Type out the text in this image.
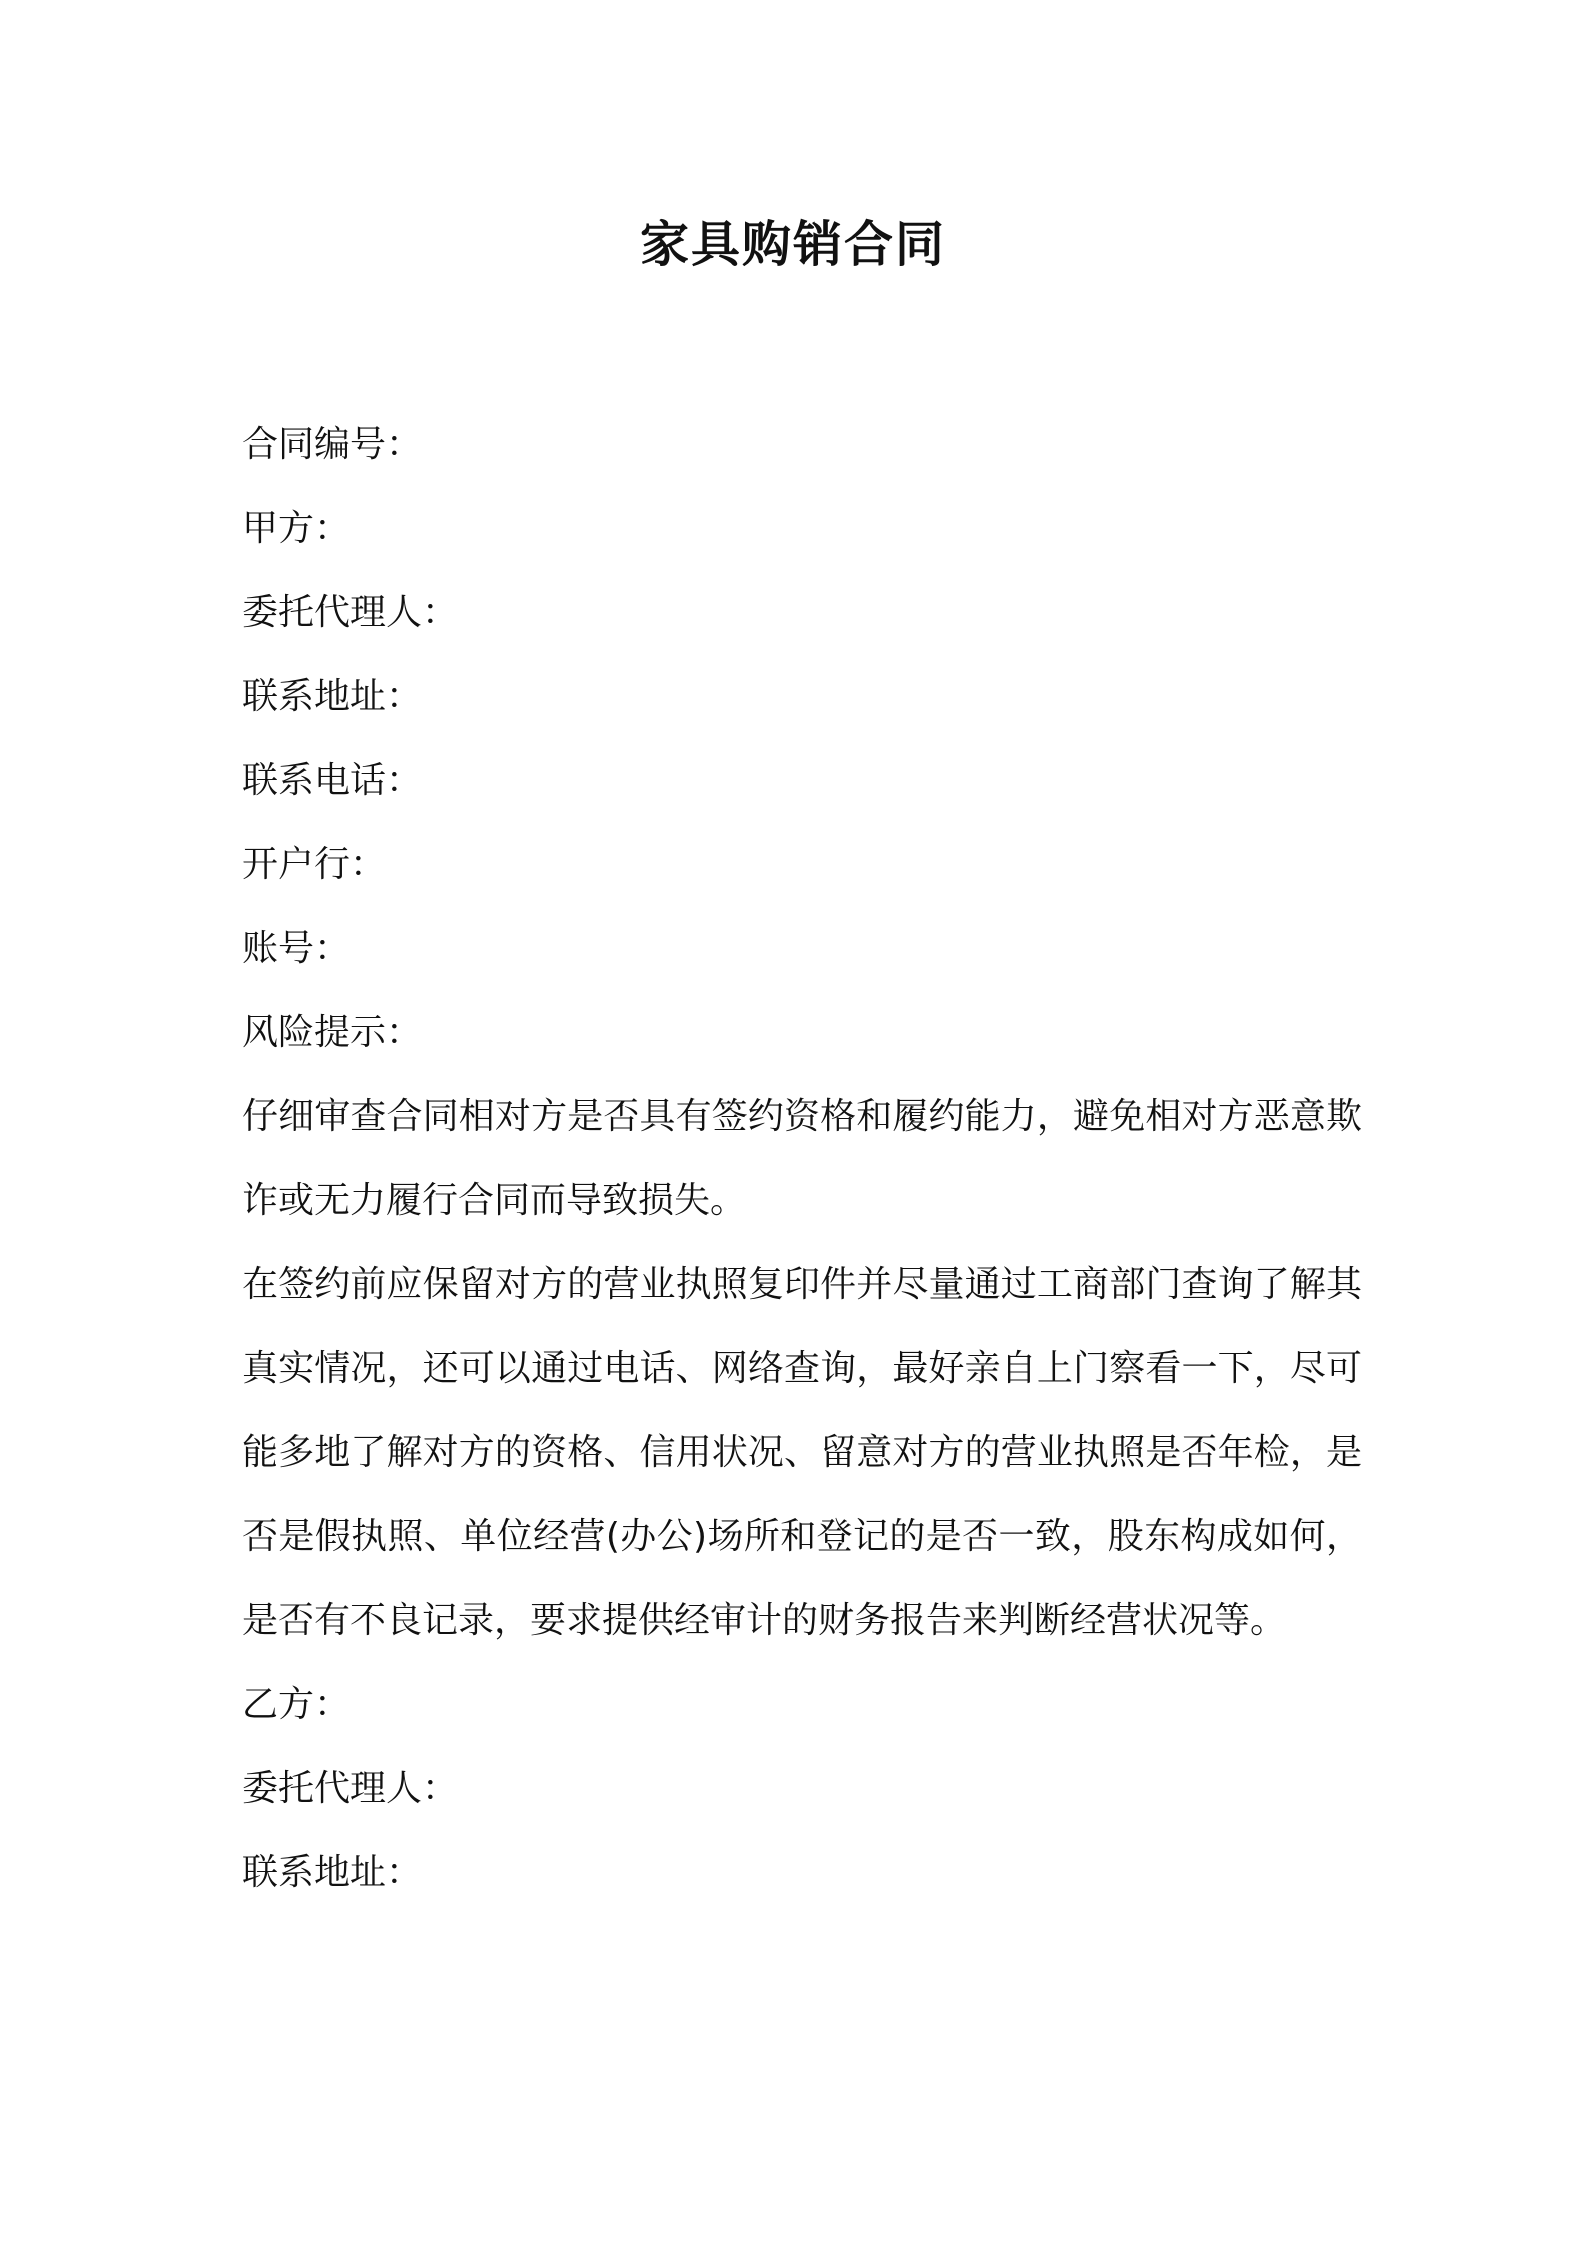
家具购销合同
合同编号：
甲方：
委托代理人：
联系地址：
联系电话：
开户行：
账号：
风险提示：
仔细审查合同相对方是否具有签约资格和履约能力，避免相对方恶意欺诈或无力履行合同而导致损失。
在签约前应保留对方的营业执照复印件并尽量通过工商部门查询了解其真实情况，还可以通过电话、网络查询，最好亲自上门察看一下，尽可能多地了解对方的资格、信用状况、留意对方的营业执照是否年检，是否是假执照、单位经营(办公)场所和登记的是否一致，股东构成如何，是否有不良记录，要求提供经审计的财务报告来判断经营状况等。
乙方：
委托代理人：
联系地址：
